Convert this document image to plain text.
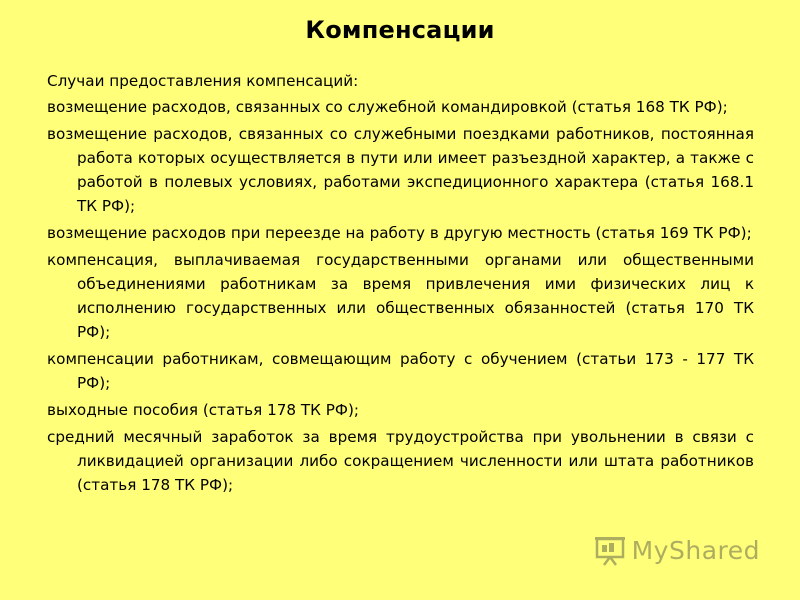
Компенсации

Случаи предоставления компенсаций:

возмещение расходов, связанных со служебной командировкой (статья 168 ТК РФ);
возмещение расходов, связанных со служебными поездками работников, постоянная работа которых осуществляется в пути или имеет разъездной характер, а также с работой в полевых условиях, работами экспедиционного характера (статья 168.1 ТК РФ);
возмещение расходов при переезде на работу в другую местность (статья 169 ТК РФ);
компенсация, выплачиваемая государственными органами или общественными объединениями работникам за время привлечения ими физических лиц к исполнению государственных или общественных обязанностей (статья 170 ТК РФ);
компенсации работникам, совмещающим работу с обучением (статьи 173 - 177 ТК РФ);
выходные пособия (статья 178 ТК РФ);
средний месячный заработок за время трудоустройства при увольнении в связи с ликвидацией организации либо сокращением численности или штата работников (статья 178 ТК РФ);
MyShared
